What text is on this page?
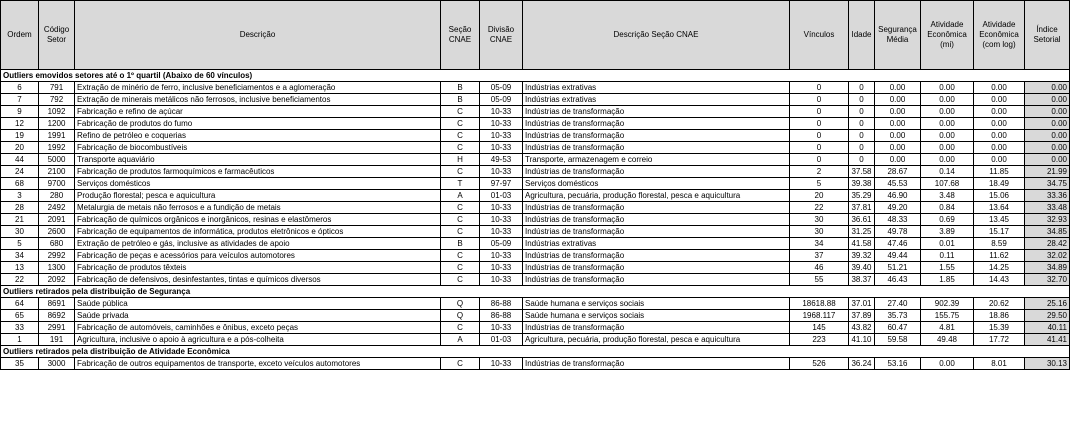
Ordem	Código Setor	Descrição	Seção CNAE	Divisão CNAE	Descrição Seção CNAE	Vínculos	Idade	Segurança Média	Atividade Econômica (mi)	Atividade Econômica (com log)	Índice Setorial
Outliers emovidos setores até o 1º quartil (Abaixo de 60 vínculos)											
6	791	Extração de minério de ferro, inclusive beneficiamentos e a aglomeração	B	05-09	Indústrias extrativas	0	0	0.00	0.00	0.00	0.00
7	792	Extração de minerais metálicos não ferrosos, inclusive beneficiamentos	B	05-09	Indústrias extrativas	0	0	0.00	0.00	0.00	0.00
9	1092	Fabricação e refino de açúcar	C	10-33	Indústrias de transformação	0	0	0.00	0.00	0.00	0.00
12	1200	Fabricação de produtos do fumo	C	10-33	Indústrias de transformação	0	0	0.00	0.00	0.00	0.00
19	1991	Refino de petróleo e coquerias	C	10-33	Indústrias de transformação	0	0	0.00	0.00	0.00	0.00
20	1992	Fabricação de biocombustíveis	C	10-33	Indústrias de transformação	0	0	0.00	0.00	0.00	0.00
44	5000	Transporte aquaviário	H	49-53	Transporte, armazenagem e correio	0	0	0.00	0.00	0.00	0.00
24	2100	Fabricação de produtos farmoquímicos e farmacêuticos	C	10-33	Indústrias de transformação	2	37.58	28.67	0.14	11.85	21.99
68	9700	Serviços domésticos	T	97-97	Serviços domésticos	5	39.38	45.53	107.68	18.49	34.75
3	280	Produção florestal; pesca e aquicultura	A	01-03	Agricultura, pecuária, produção florestal, pesca e aquicultura	20	35.29	46.90	3.48	15.06	33.36
28	2492	Metalurgia de metais não ferrosos e a fundição de metais	C	10-33	Indústrias de transformação	22	37.81	49.20	0.84	13.64	33.48
21	2091	Fabricação de químicos orgânicos e inorgânicos, resinas e elastômeros	C	10-33	Indústrias de transformação	30	36.61	48.33	0.69	13.45	32.93
30	2600	Fabricação de equipamentos de informática, produtos eletrônicos e ópticos	C	10-33	Indústrias de transformação	30	31.25	49.78	3.89	15.17	34.85
5	680	Extração de petróleo e gás, inclusive as atividades de apoio	B	05-09	Indústrias extrativas	34	41.58	47.46	0.01	8.59	28.42
34	2992	Fabricação de peças e acessórios para veículos automotores	C	10-33	Indústrias de transformação	37	39.32	49.44	0.11	11.62	32.02
13	1300	Fabricação de produtos têxteis	C	10-33	Indústrias de transformação	46	39.40	51.21	1.55	14.25	34.89
22	2092	Fabricação de defensivos, desinfestantes, tintas e químicos diversos	C	10-33	Indústrias de transformação	55	38.37	46.43	1.85	14.43	32.70
Outliers retirados pela distribuição de Segurança											
64	8691	Saúde pública	Q	86-88	Saúde humana e serviços sociais	18618.88	37.01	27.40	902.39	20.62	25.16
65	8692	Saúde privada	Q	86-88	Saúde humana e serviços sociais	1968.117	37.89	35.73	155.75	18.86	29.50
33	2991	Fabricação de automóveis, caminhões e ônibus, exceto peças	C	10-33	Indústrias de transformação	145	43.82	60.47	4.81	15.39	40.11
1	191	Agricultura, inclusive o apoio à agricultura e a pós-colheita	A	01-03	Agricultura, pecuária, produção florestal, pesca e aquicultura	223	41.10	59.58	49.48	17.72	41.41
Outliers retirados pela distribuição de Atividade Econômica											
35	3000	Fabricação de outros equipamentos de transporte, exceto veículos automotores	C	10-33	Indústrias de transformação	526	36.24	53.16	0.00	8.01	30.13
